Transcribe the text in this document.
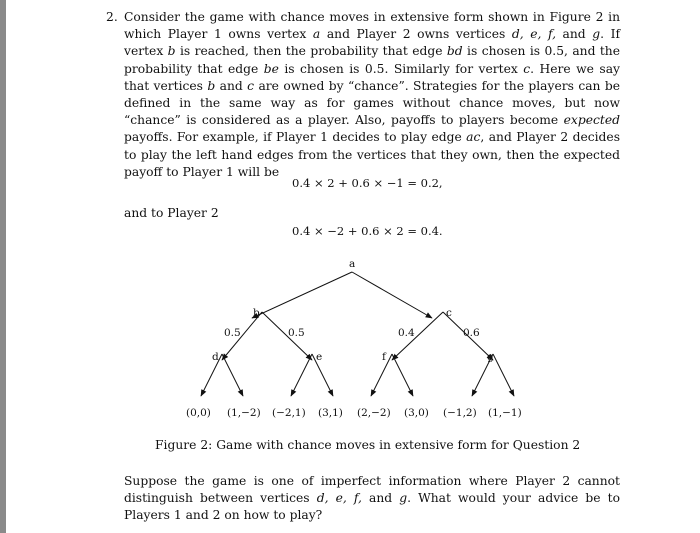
2. Consider the game with chance moves in extensive form shown in Figure 2 in which Player 1 owns vertex a and Player 2 owns vertices d, e, f, and g. If vertex b is reached, then the probability that edge bd is chosen is 0.5, and the probability that edge be is chosen is 0.5. Similarly for vertex c. Here we say that vertices b and c are owned by “chance”. Strategies for the players can be defined in the same way as for games without chance moves, but now “chance” is considered as a player. Also, payoffs to players become expected payoffs. For example, if Player 1 decides to play edge ac, and Player 2 decides to play the left hand edges from the vertices that they own, then the expected payoff to Player 1 will be

0.4 × 2 + 0.6 × −1 = 0.2,
and to Player 2
0.4 × −2 + 0.6 × 2 = 0.4.
a
b	c
d	e	f	g
0.5	0.5	0.4	0.6
(0,0) (1,−2) (−2,1) (3,1) (2,−2) (3,0) (−1,2) (1,−1)
Figure 2: Game with chance moves in extensive form for Question 2

Suppose the game is one of imperfect information where Player 2 cannot distinguish between vertices d, e, f, and g. What would your advice be to Players 1 and 2 on how to play?
